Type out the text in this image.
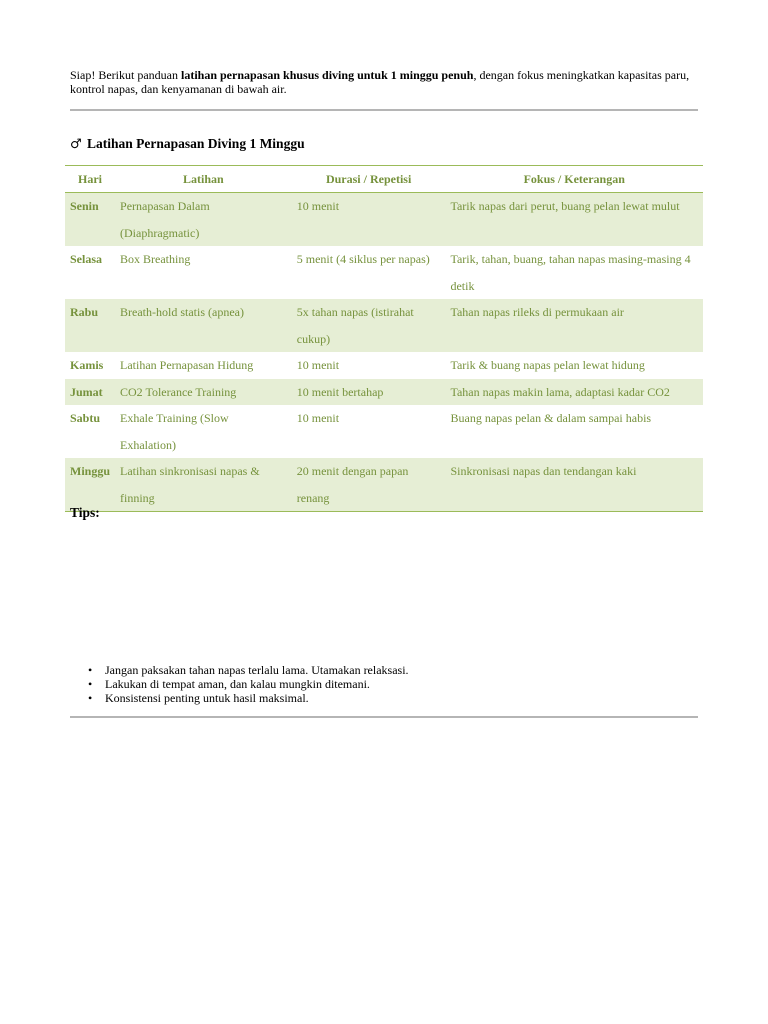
Siap! Berikut panduan latihan pernapasan khusus diving untuk 1 minggu penuh, dengan fokus meningkatkan kapasitas paru, kontrol napas, dan kenyamanan di bawah air.

♂ Latihan Pernapasan Diving 1 Minggu
Hari	Latihan	Durasi / Repetisi	Fokus / Keterangan
Senin	Pernapasan Dalam (Diaphragmatic)	10 menit	Tarik napas dari perut, buang pelan lewat mulut
Selasa	Box Breathing	5 menit (4 siklus per napas)	Tarik, tahan, buang, tahan napas masing-masing 4 detik
Rabu	Breath-hold statis (apnea)	5x tahan napas (istirahat cukup)	Tahan napas rileks di permukaan air
Kamis	Latihan Pernapasan Hidung	10 menit	Tarik & buang napas pelan lewat hidung
Jumat	CO2 Tolerance Training	10 menit bertahap	Tahan napas makin lama, adaptasi kadar CO2
Sabtu	Exhale Training (Slow Exhalation)	10 menit	Buang napas pelan & dalam sampai habis
Minggu	Latihan sinkronisasi napas & finning	20 menit dengan papan renang	Sinkronisasi napas dan tendangan kaki
Tips:
• Jangan paksakan tahan napas terlalu lama. Utamakan relaksasi.
• Lakukan di tempat aman, dan kalau mungkin ditemani.
• Konsistensi penting untuk hasil maksimal.
